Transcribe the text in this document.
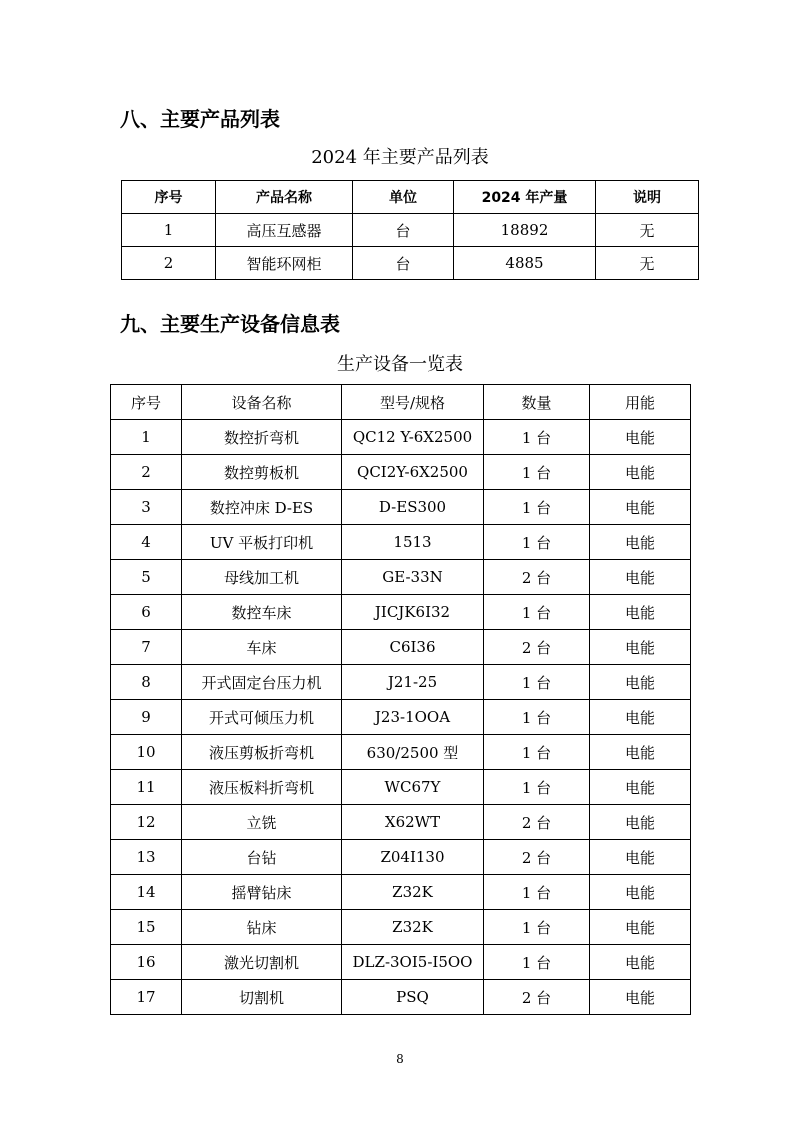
八、主要产品列表
2024 年主要产品列表
序号	产品名称	单位	2024 年产量	说明
1	高压互感器	台	18892	无
2	智能环网柜	台	4885	无
九、主要生产设备信息表
生产设备一览表
序号	设备名称	型号/规格	数量	用能
1	数控折弯机	QC12 Y-6X2500	1 台	电能
2	数控剪板机	QCI2Y-6X2500	1 台	电能
3	数控冲床 D-ES	D-ES300	1 台	电能
4	UV 平板打印机	1513	1 台	电能
5	母线加工机	GE-33N	2 台	电能
6	数控车床	JICJK6I32	1 台	电能
7	车床	C6I36	2 台	电能
8	开式固定台压力机	J21-25	1 台	电能
9	开式可倾压力机	J23-1OOA	1 台	电能
10	液压剪板折弯机	630/2500 型	1 台	电能
11	液压板料折弯机	WC67Y	1 台	电能
12	立铣	X62WT	2 台	电能
13	台钻	Z04I130	2 台	电能
14	摇臂钻床	Z32K	1 台	电能
15	钻床	Z32K	1 台	电能
16	激光切割机	DLZ-3OI5-I5OO	1 台	电能
17	切割机	PSQ	2 台	电能
8
